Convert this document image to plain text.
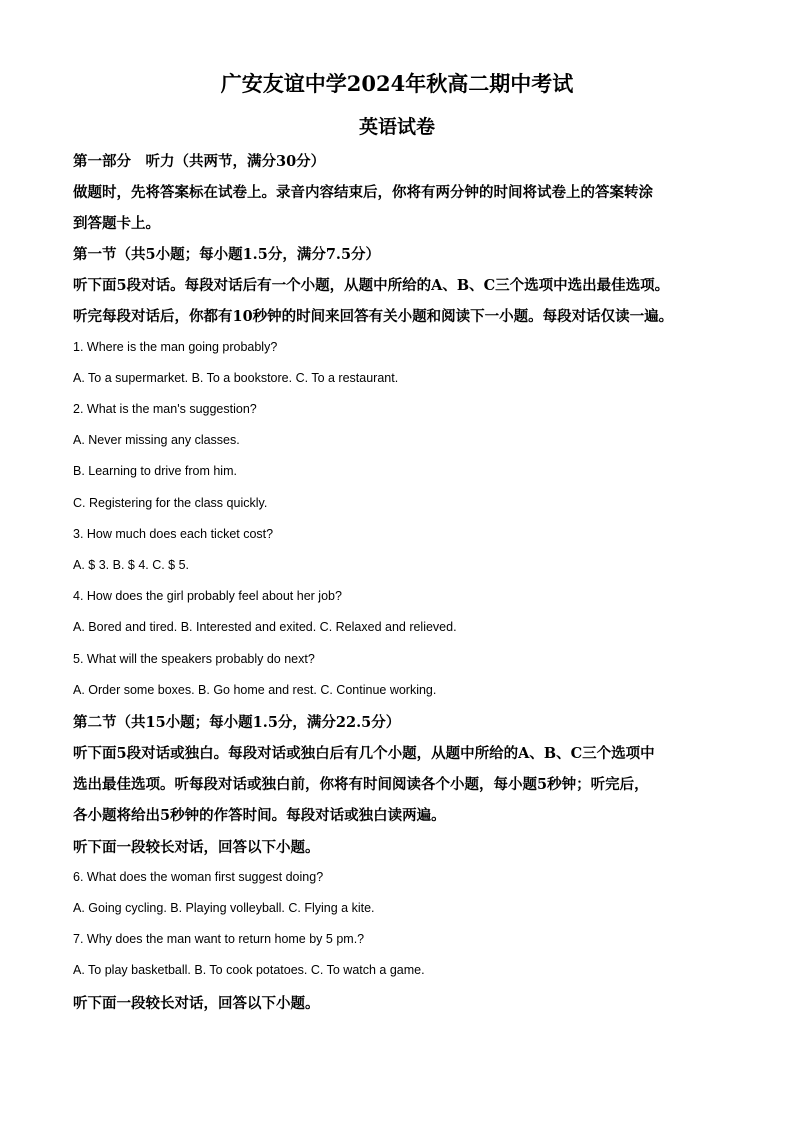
广安友谊中学2024年秋高二期中考试
英语试卷
第一部分　听力（共两节，满分30分）
做题时，先将答案标在试卷上。录音内容结束后，你将有两分钟的时间将试卷上的答案转涂
到答题卡上。
第一节（共5小题；每小题1.5分，满分7.5分）
听下面5段对话。每段对话后有一个小题，从题中所给的A、B、C三个选项中选出最佳选项。
听完每段对话后，你都有10秒钟的时间来回答有关小题和阅读下一小题。每段对话仅读一遍。
1. Where is the man going probably?
A. To a supermarket. B. To a bookstore. C. To a restaurant.
2. What is the man's suggestion?
A. Never missing any classes.
B. Learning to drive from him.
C. Registering for the class quickly.
3. How much does each ticket cost?
A. $ 3. B. $ 4. C. $ 5.
4. How does the girl probably feel about her job?
A. Bored and tired. B. Interested and exited. C. Relaxed and relieved.
5. What will the speakers probably do next?
A. Order some boxes. B. Go home and rest. C. Continue working.
第二节（共15小题；每小题1.5分，满分22.5分）
听下面5段对话或独白。每段对话或独白后有几个小题，从题中所给的A、B、C三个选项中
选出最佳选项。听每段对话或独白前，你将有时间阅读各个小题，每小题5秒钟；听完后，
各小题将给出5秒钟的作答时间。每段对话或独白读两遍。
听下面一段较长对话，回答以下小题。
6. What does the woman first suggest doing?
A. Going cycling. B. Playing volleyball. C. Flying a kite.
7. Why does the man want to return home by 5 pm.?
A. To play basketball. B. To cook potatoes. C. To watch a game.
听下面一段较长对话，回答以下小题。
